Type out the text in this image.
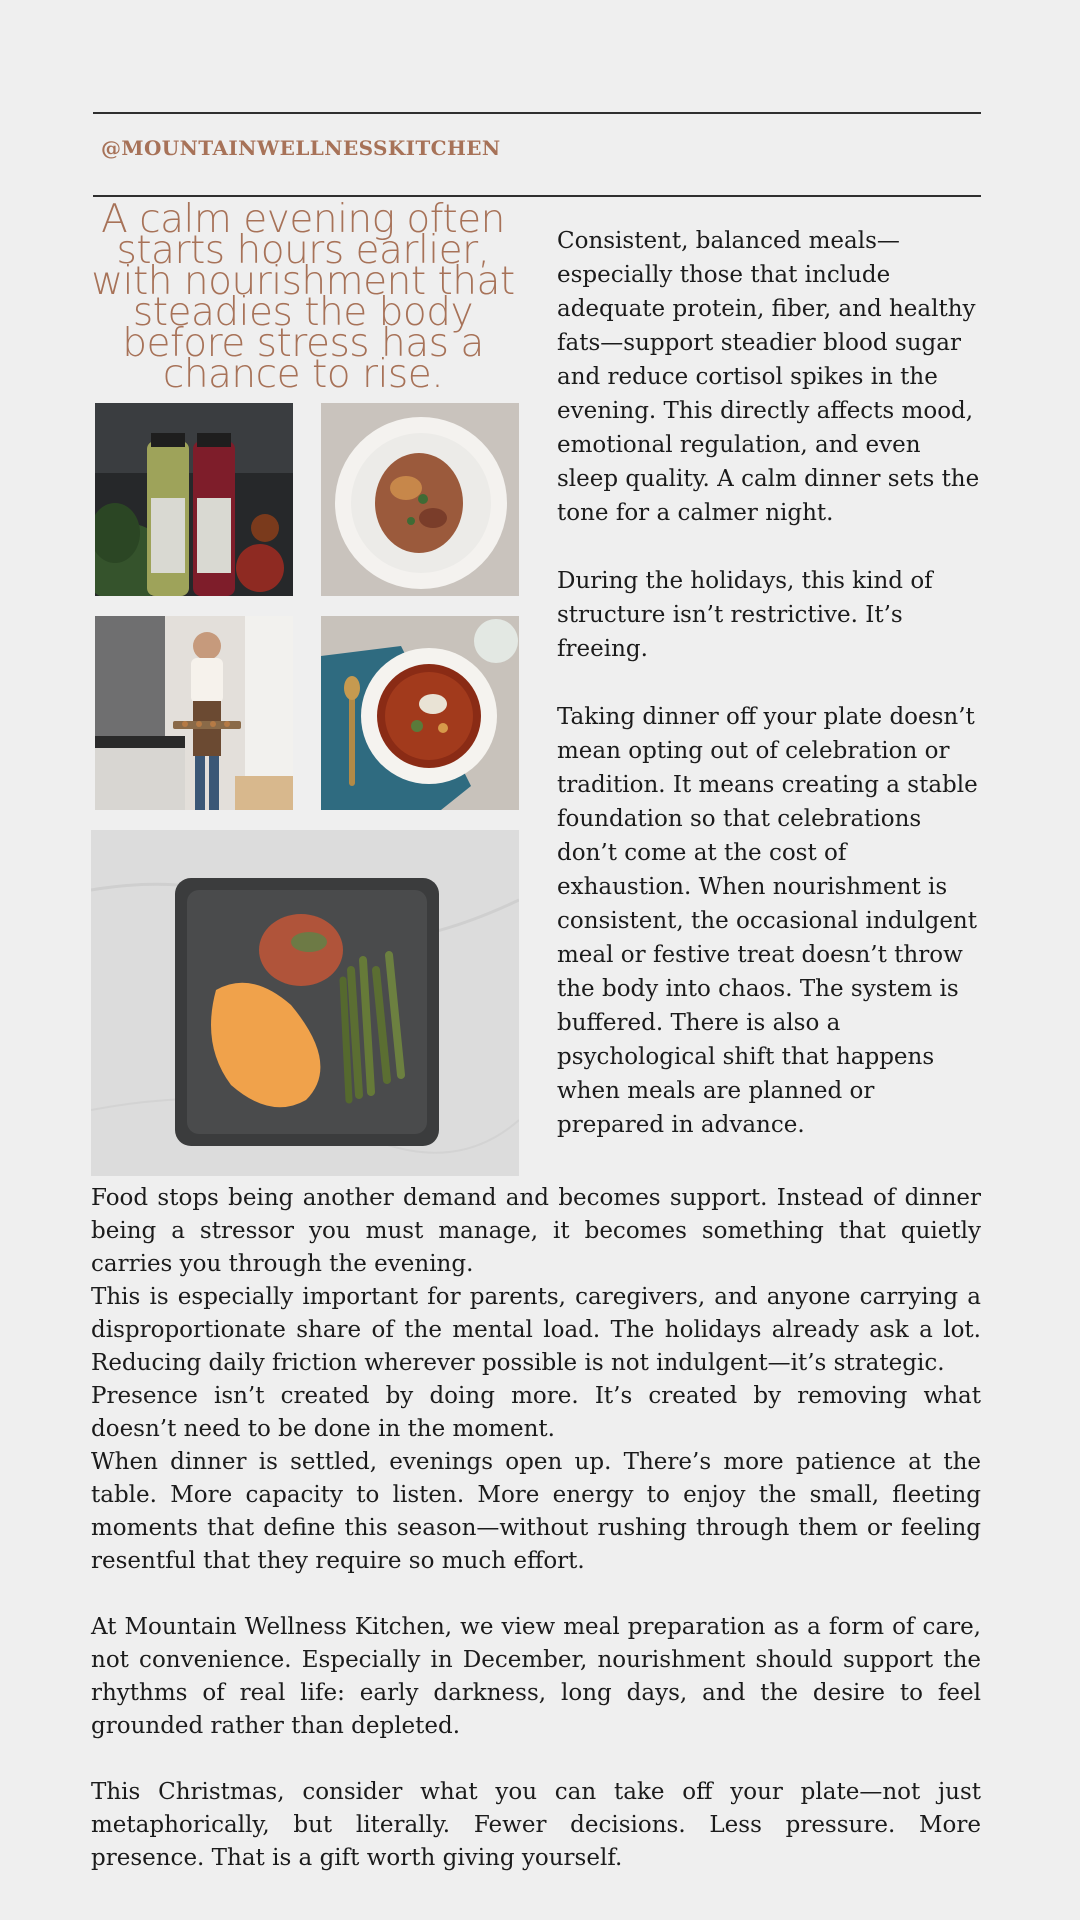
@MOUNTAINWELLNESSKITCHEN
A calm evening often starts hours earlier, with nourishment that steadies the body before stress has a chance to rise.

Consistent, balanced meals—especially those that include adequate protein, fiber, and healthy fats—support steadier blood sugar and reduce cortisol spikes in the evening. This directly affects mood, emotional regulation, and even sleep quality. A calm dinner sets the tone for a calmer night.

During the holidays, this kind of structure isn’t restrictive. It’s freeing.

Taking dinner off your plate doesn’t mean opting out of celebration or tradition. It means creating a stable foundation so that celebrations don’t come at the cost of exhaustion. When nourishment is consistent, the occasional indulgent meal or festive treat doesn’t throw the body into chaos. The system is buffered. There is also a psychological shift that happens when meals are planned or prepared in advance.

Food stops being another demand and becomes support. Instead of dinner being a stressor you must manage, it becomes something that quietly carries you through the evening.

This is especially important for parents, caregivers, and anyone carrying a disproportionate share of the mental load. The holidays already ask a lot. Reducing daily friction wherever possible is not indulgent—it’s strategic.

Presence isn’t created by doing more. It’s created by removing what doesn’t need to be done in the moment.

When dinner is settled, evenings open up. There’s more patience at the table. More capacity to listen. More energy to enjoy the small, fleeting moments that define this season—without rushing through them or feeling resentful that they require so much effort.

At Mountain Wellness Kitchen, we view meal preparation as a form of care, not convenience. Especially in December, nourishment should support the rhythms of real life: early darkness, long days, and the desire to feel grounded rather than depleted.

This Christmas, consider what you can take off your plate—not just metaphorically, but literally. Fewer decisions. Less pressure. More presence. That is a gift worth giving yourself.
